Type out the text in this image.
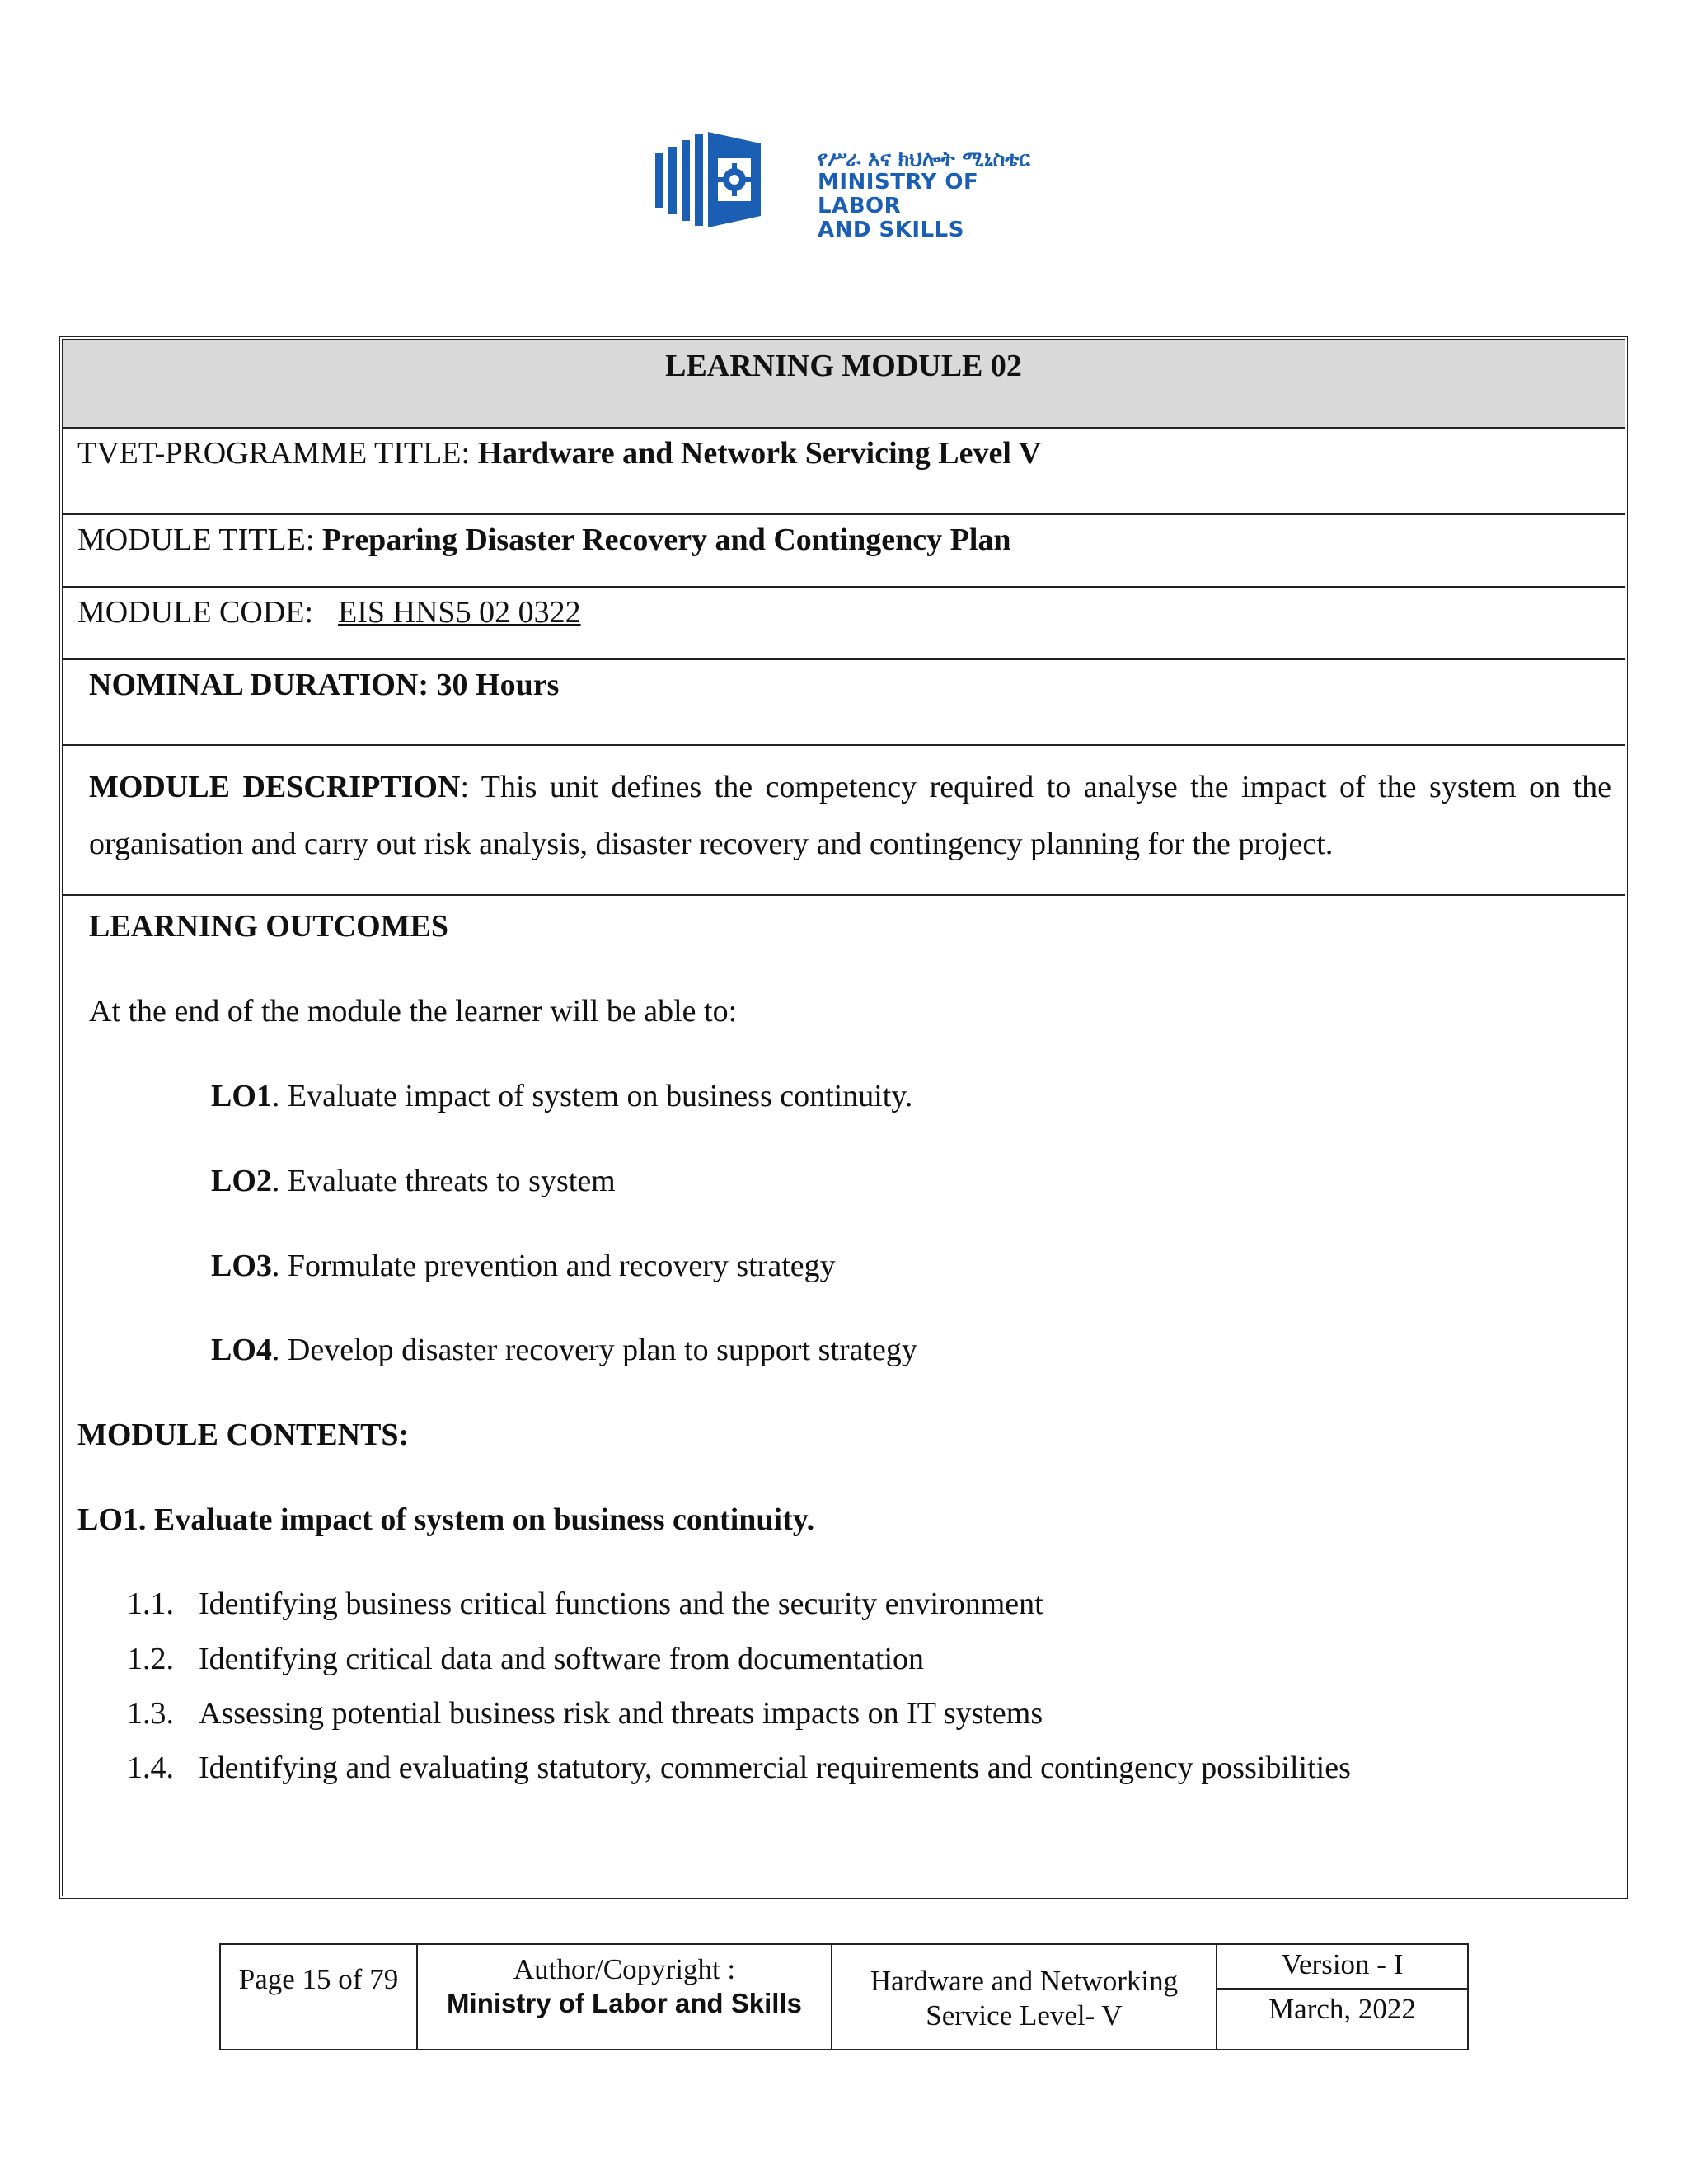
የሥራ እና ክህሎት ሚኒስቴር
MINISTRY OF LABOR
AND SKILLS
LEARNING MODULE 02
TVET-PROGRAMME TITLE: Hardware and Network Servicing Level V
MODULE TITLE: Preparing Disaster Recovery and Contingency Plan
MODULE CODE: EIS HNS5 02 0322
NOMINAL DURATION: 30 Hours
MODULE DESCRIPTION: This unit defines the competency required to analyse the impact of the system on the organisation and carry out risk analysis, disaster recovery and contingency planning for the project.
LEARNING OUTCOMES
At the end of the module the learner will be able to:
LO1. Evaluate impact of system on business continuity.
LO2. Evaluate threats to system
LO3. Formulate prevention and recovery strategy
LO4. Develop disaster recovery plan to support strategy
MODULE CONTENTS:
LO1. Evaluate impact of system on business continuity.
1.1. Identifying business critical functions and the security environment
1.2. Identifying critical data and software from documentation
1.3. Assessing potential business risk and threats impacts on IT systems
1.4. Identifying and evaluating statutory, commercial requirements and contingency possibilities
Page 15 of 79	Author/Copyright :
Ministry of Labor and Skills
Hardware and Networking
Service Level- V
Version - I
March, 2022
